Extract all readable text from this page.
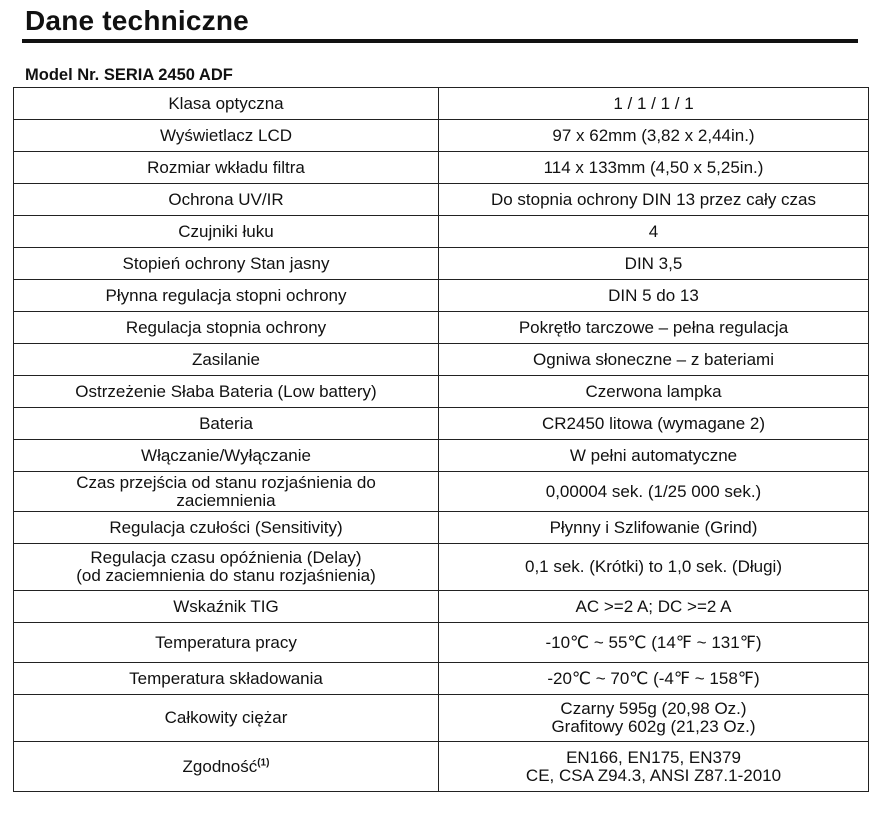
Dane techniczne
Model Nr. SERIA 2450 ADF
Klasa optyczna	1 / 1 / 1 / 1
Wyświetlacz LCD	97 x 62mm (3,82 x 2,44in.)
Rozmiar wkładu filtra	114 x 133mm (4,50 x 5,25in.)
Ochrona UV/IR	Do stopnia ochrony DIN 13 przez cały czas
Czujniki łuku	4
Stopień ochrony Stan jasny	DIN 3,5
Płynna regulacja stopni ochrony	DIN 5 do 13
Regulacja stopnia ochrony	Pokrętło tarczowe – pełna regulacja
Zasilanie	Ogniwa słoneczne – z bateriami
Ostrzeżenie Słaba Bateria (Low battery)	Czerwona lampka
Bateria	CR2450 litowa (wymagane 2)
Włączanie/Wyłączanie	W pełni automatyczne

Czas przejścia od stanu rozjaśnienia do
zaciemnienia	0,00004 sek. (1/25 000 sek.)
Regulacja czułości (Sensitivity)	Płynny i Szlifowanie (Grind)

Regulacja czasu opóźnienia (Delay)
(od zaciemnienia do stanu rozjaśnienia)	0,1 sek. (Krótki) to 1,0 sek. (Długi)
Wskaźnik TIG	AC >=2 A; DC >=2 A
Temperatura pracy	-10℃ ~ 55℃ (14℉ ~ 131℉)
Temperatura składowania	-20℃ ~ 70℃ (-4℉ ~ 158℉)
Całkowity ciężar	Czarny 595g (20,98 Oz.)
Grafitowy 602g (21,23 Oz.)

Zgodność$^{(1)}$	EN166, EN175, EN379
CE, CSA Z94.3, ANSI Z87.1-2010
